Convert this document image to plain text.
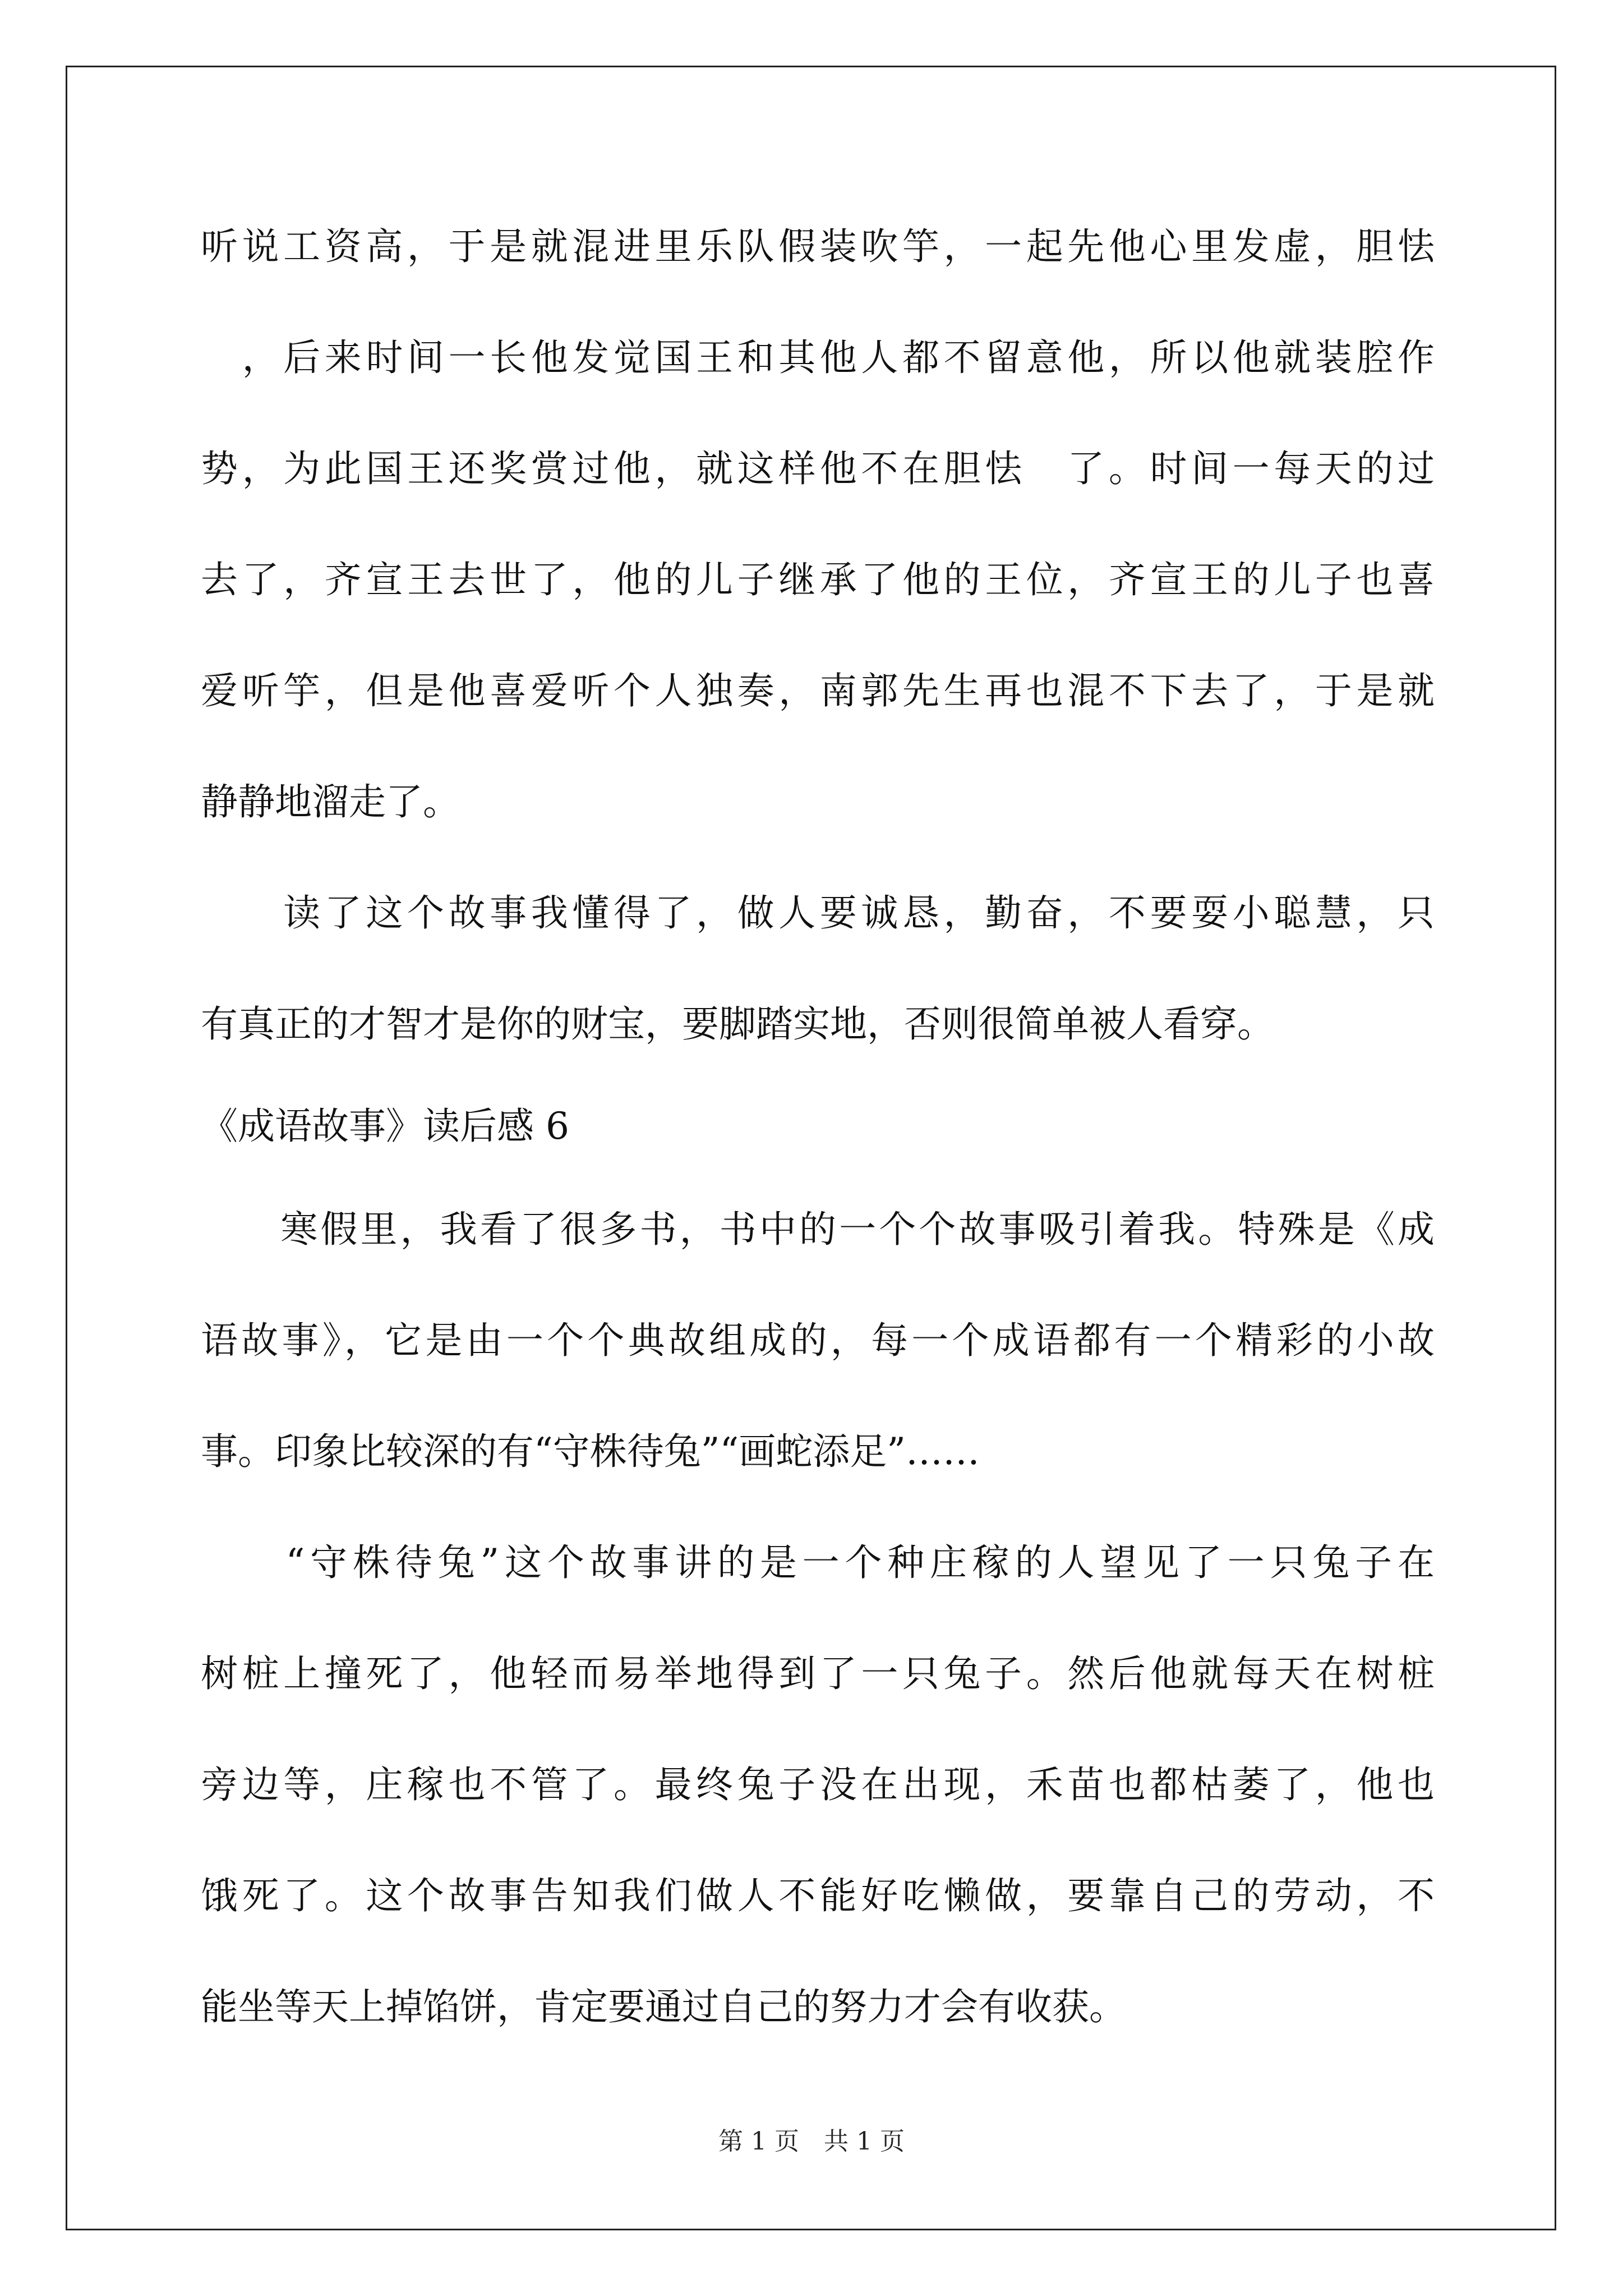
听说工资高，于是就混进里乐队假装吹竽，一起先他心里发虚，胆怯
　，后来时间一长他发觉国王和其他人都不留意他，所以他就装腔作
势，为此国王还奖赏过他，就这样他不在胆怯　了。时间一每天的过
去了，齐宣王去世了，他的儿子继承了他的王位，齐宣王的儿子也喜
爱听竽，但是他喜爱听个人独奏，南郭先生再也混不下去了，于是就
静静地溜走了。
　　读了这个故事我懂得了，做人要诚恳，勤奋，不要耍小聪慧，只
有真正的才智才是你的财宝，要脚踏实地，否则很简单被人看穿。
《成语故事》读后感 6
　　寒假里，我看了很多书，书中的一个个故事吸引着我。特殊是《成
语故事》，它是由一个个典故组成的，每一个成语都有一个精彩的小故
事。印象比较深的有“守株待兔”“画蛇添足”……
　　“守株待兔”这个故事讲的是一个种庄稼的人望见了一只兔子在
树桩上撞死了，他轻而易举地得到了一只兔子。然后他就每天在树桩
旁边等，庄稼也不管了。最终兔子没在出现，禾苗也都枯萎了，他也
饿死了。这个故事告知我们做人不能好吃懒做，要靠自己的劳动，不
能坐等天上掉馅饼，肯定要通过自己的努力才会有收获。
第 1 页　共 1 页
